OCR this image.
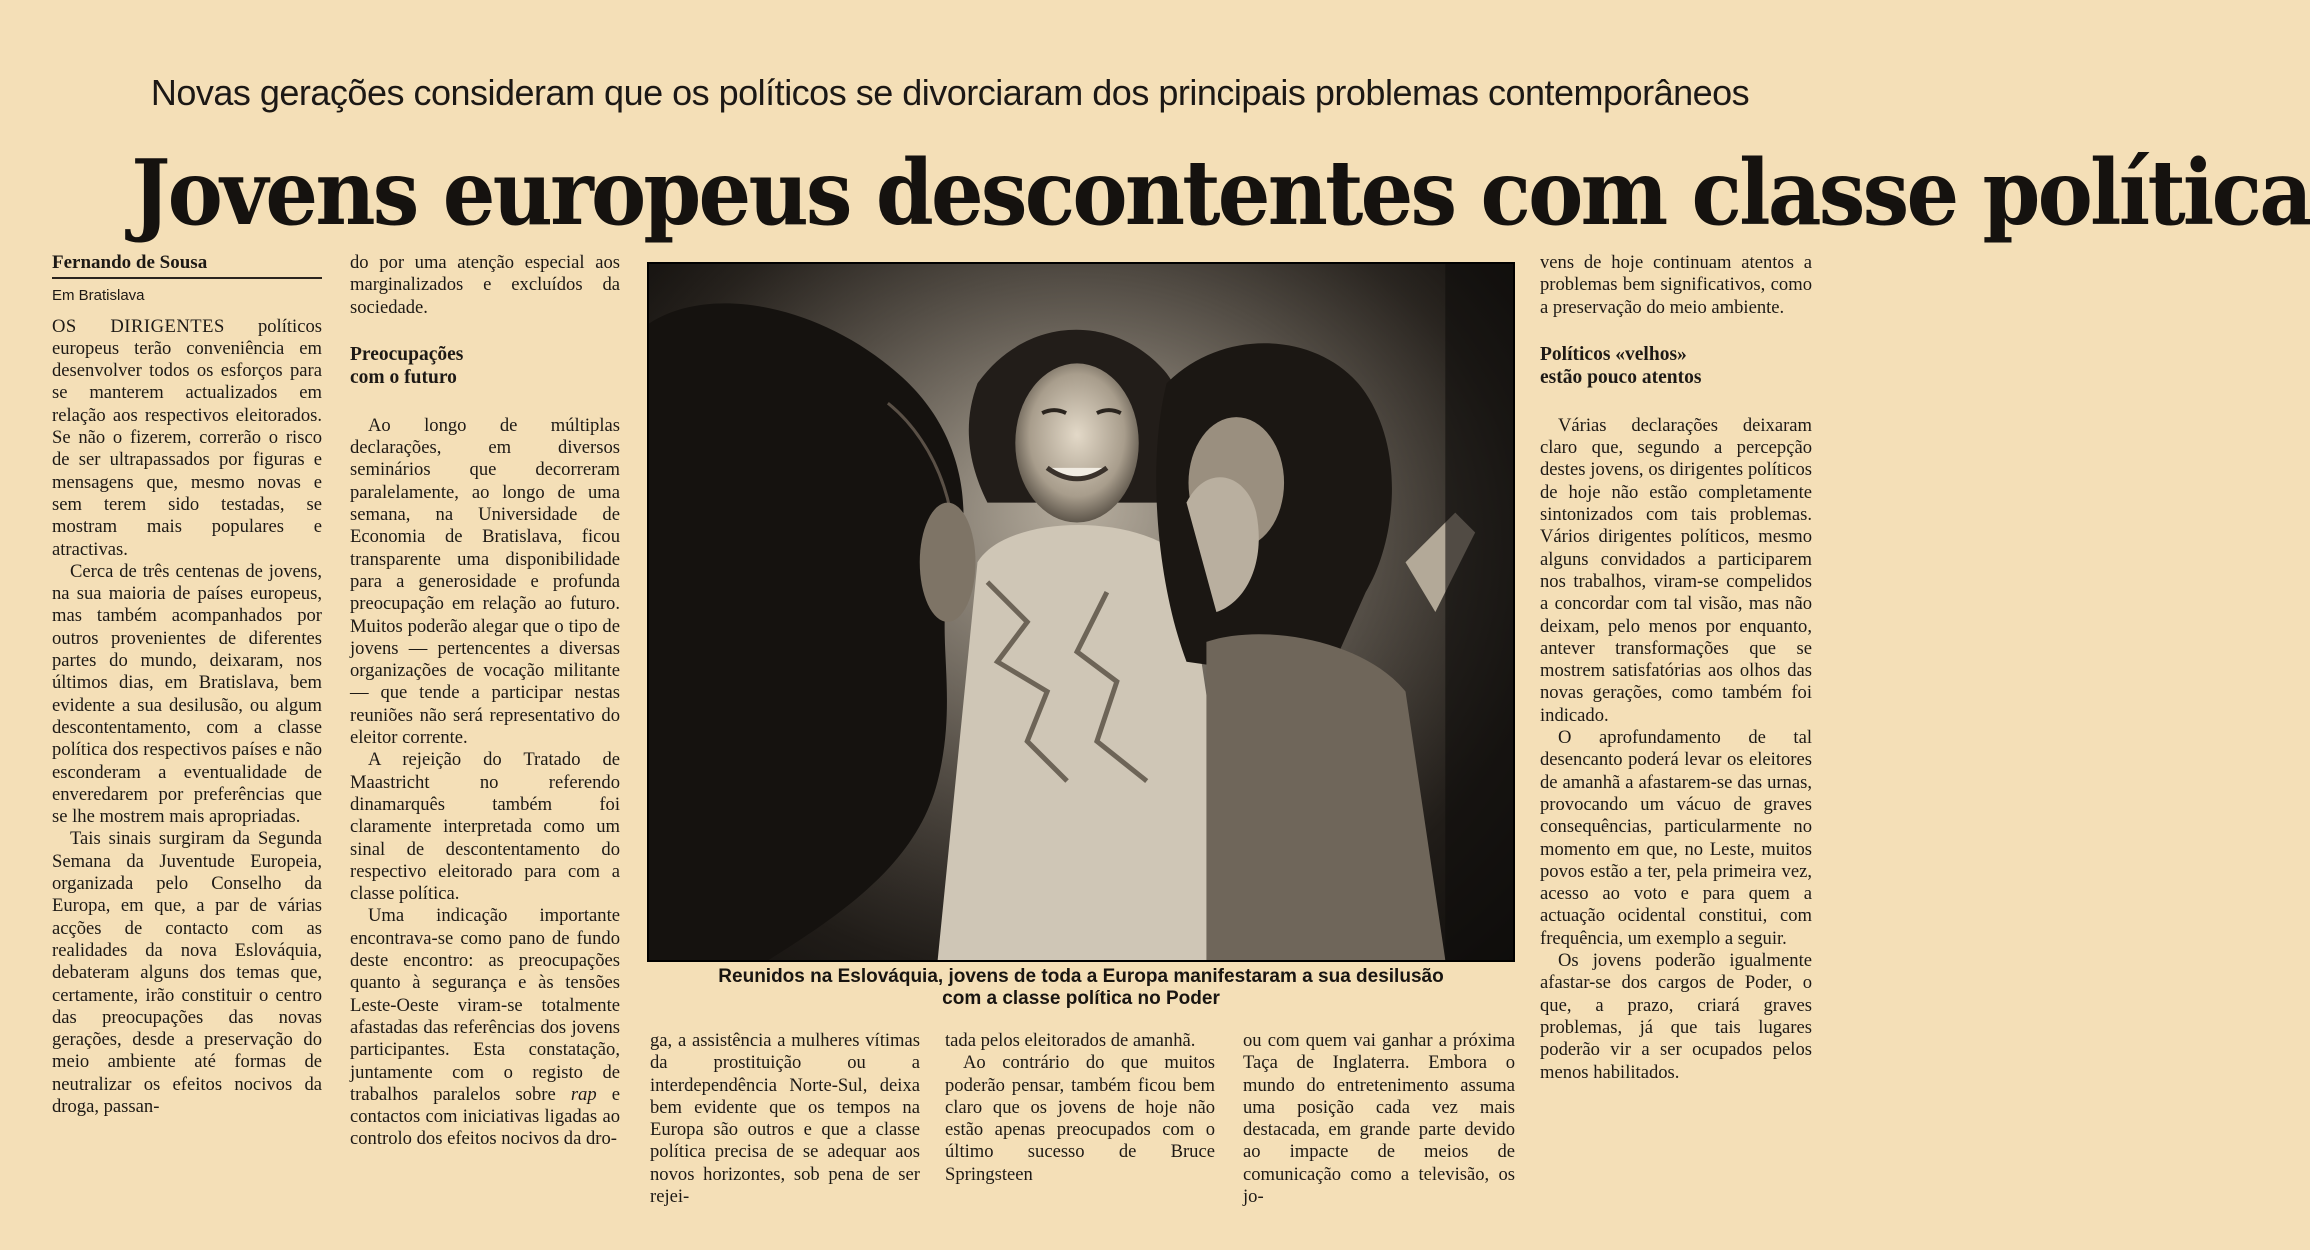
Novas gerações consideram que os políticos se divorciaram dos principais problemas contemporâneos
Jovens europeus descontentes com classe política
Fernando de Sousa
Em Bratislava

OS DIRIGENTES políticos europeus terão conveniência em desenvolver todos os esforços para se manterem actualizados em relação aos respectivos eleitorados. Se não o fizerem, correrão o risco de ser ultrapassados por figuras e mensagens que, mesmo novas e sem terem sido testadas, se mostram mais populares e atractivas.

Cerca de três centenas de jovens, na sua maioria de países europeus, mas também acompanhados por outros provenientes de diferentes partes do mundo, deixaram, nos últimos dias, em Bratislava, bem evidente a sua desilusão, ou algum descontentamento, com a classe política dos respectivos países e não esconderam a eventualidade de enveredarem por preferências que se lhe mostrem mais apropriadas.

Tais sinais surgiram da Segunda Semana da Juventude Europeia, organizada pelo Conselho da Europa, em que, a par de várias acções de contacto com as realidades da nova Eslováquia, debateram alguns dos temas que, certamente, irão constituir o centro das preocupações das novas gerações, desde a preservação do meio ambiente até formas de neutralizar os efeitos nocivos da droga, passan-

do por uma atenção especial aos marginalizados e excluídos da sociedade.

Preocupações
com o futuro

Ao longo de múltiplas declarações, em diversos seminários que decorreram paralelamente, ao longo de uma semana, na Universidade de Economia de Bratislava, ficou transparente uma disponibilidade para a generosidade e profunda preocupação em relação ao futuro. Muitos poderão alegar que o tipo de jovens — pertencentes a diversas organizações de vocação militante — que tende a participar nestas reuniões não será representativo do eleitor corrente.

A rejeição do Tratado de Maastricht no referendo dinamarquês também foi claramente interpretada como um sinal de descontentamento do respectivo eleitorado para com a classe política.

Uma indicação importante encontrava-se como pano de fundo deste encontro: as preocupações quanto à segurança e às tensões Leste-Oeste viram-se totalmente afastadas das referências dos jovens participantes. Esta constatação, juntamente com o registo de trabalhos paralelos sobre rap e contactos com iniciativas ligadas ao controlo dos efeitos nocivos da dro-

Reunidos na Eslováquia, jovens de toda a Europa manifestaram a sua desilusão
com a classe política no Poder

ga, a assistência a mulheres vítimas da prostituição ou a interdependência Norte-Sul, deixa bem evidente que os tempos na Europa são outros e que a classe política precisa de se adequar aos novos horizontes, sob pena de ser rejei-

tada pelos eleitorados de amanhã.

Ao contrário do que muitos poderão pensar, também ficou bem claro que os jovens de hoje não estão apenas preocupados com o último sucesso de Bruce Springsteen

ou com quem vai ganhar a próxima Taça de Inglaterra. Embora o mundo do entretenimento assuma uma posição cada vez mais destacada, em grande parte devido ao impacte de meios de comunicação como a televisão, os jo-

vens de hoje continuam atentos a problemas bem significativos, como a preservação do meio ambiente.

Políticos «velhos»
estão pouco atentos

Várias declarações deixaram claro que, segundo a percepção destes jovens, os dirigentes políticos de hoje não estão completamente sintonizados com tais problemas. Vários dirigentes políticos, mesmo alguns convidados a participarem nos trabalhos, viram-se compelidos a concordar com tal visão, mas não deixam, pelo menos por enquanto, antever transformações que se mostrem satisfatórias aos olhos das novas gerações, como também foi indicado.

O aprofundamento de tal desencanto poderá levar os eleitores de amanhã a afastarem-se das urnas, provocando um vácuo de graves consequências, particularmente no momento em que, no Leste, muitos povos estão a ter, pela primeira vez, acesso ao voto e para quem a actuação ocidental constitui, com frequência, um exemplo a seguir.

Os jovens poderão igualmente afastar-se dos cargos de Poder, o que, a prazo, criará graves problemas, já que tais lugares poderão vir a ser ocupados pelos menos habilitados.
